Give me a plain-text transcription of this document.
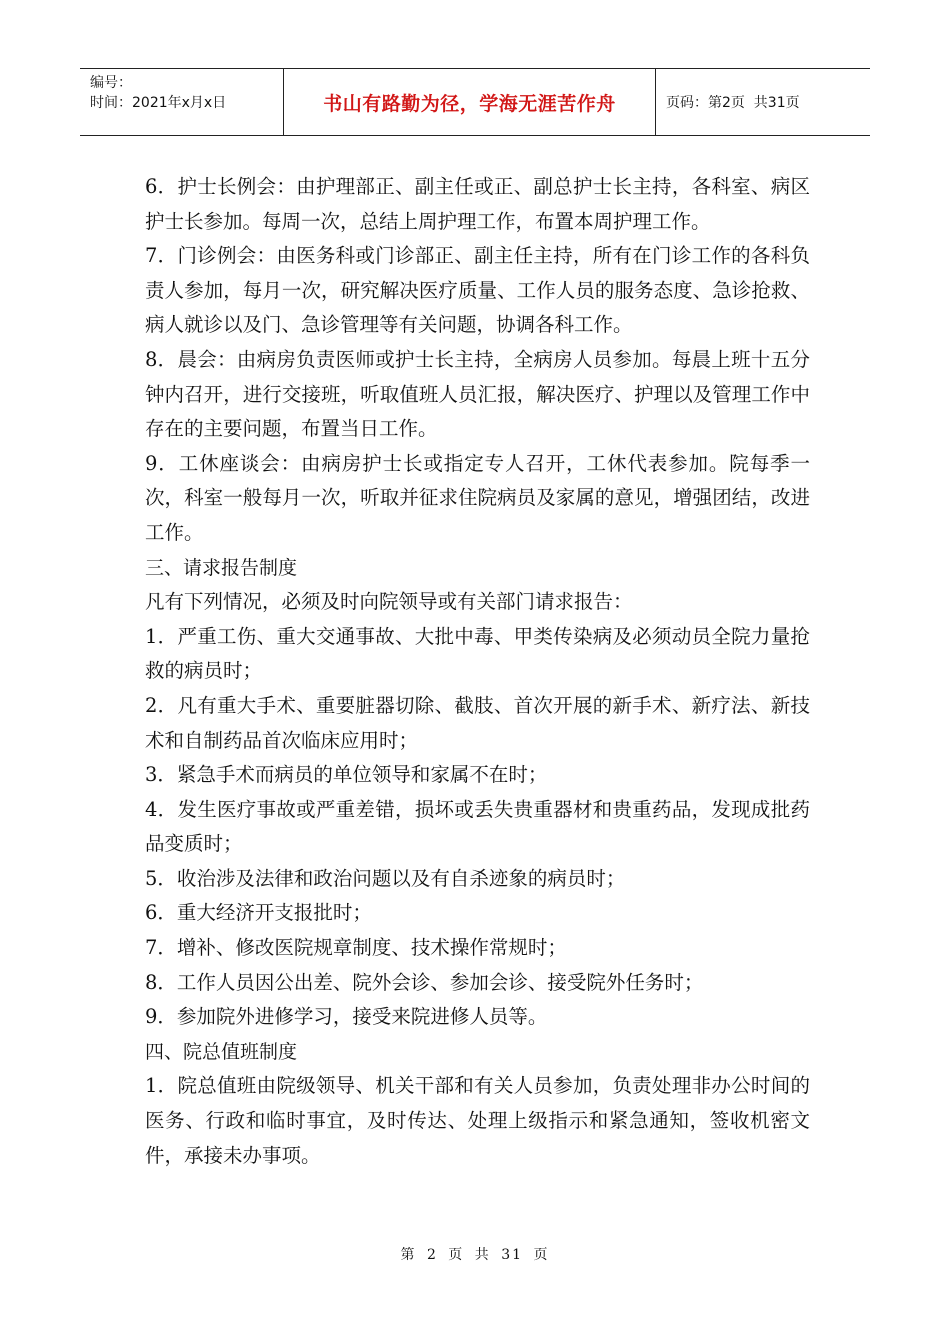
编号：
时间：2021年x月x日	书山有路勤为径，学海无涯苦作舟	页码：第2页  共31页

6．护士长例会：由护理部正、副主任或正、副总护士长主持，各科室、病区护士长参加。每周一次，总结上周护理工作，布置本周护理工作。

7．门诊例会：由医务科或门诊部正、副主任主持，所有在门诊工作的各科负责人参加，每月一次，研究解决医疗质量、工作人员的服务态度、急诊抢救、病人就诊以及门、急诊管理等有关问题，协调各科工作。

8．晨会：由病房负责医师或护士长主持，全病房人员参加。每晨上班十五分钟内召开，进行交接班，听取值班人员汇报，解决医疗、护理以及管理工作中存在的主要问题，布置当日工作。

9．工休座谈会：由病房护士长或指定专人召开，工休代表参加。院每季一次，科室一般每月一次，听取并征求住院病员及家属的意见，增强团结，改进工作。

三、请求报告制度

凡有下列情况，必须及时向院领导或有关部门请求报告：

1．严重工伤、重大交通事故、大批中毒、甲类传染病及必须动员全院力量抢救的病员时；

2．凡有重大手术、重要脏器切除、截肢、首次开展的新手术、新疗法、新技术和自制药品首次临床应用时；

3．紧急手术而病员的单位领导和家属不在时；

4．发生医疗事故或严重差错，损坏或丢失贵重器材和贵重药品，发现成批药品变质时；

5．收治涉及法律和政治问题以及有自杀迹象的病员时；

6．重大经济开支报批时；

7．增补、修改医院规章制度、技术操作常规时；

8．工作人员因公出差、院外会诊、参加会诊、接受院外任务时；

9．参加院外进修学习，接受来院进修人员等。

四、院总值班制度

1．院总值班由院级领导、机关干部和有关人员参加，负责处理非办公时间的医务、行政和临时事宜，及时传达、处理上级指示和紧急通知，签收机密文件，承接未办事项。

第 2 页 共 31 页
